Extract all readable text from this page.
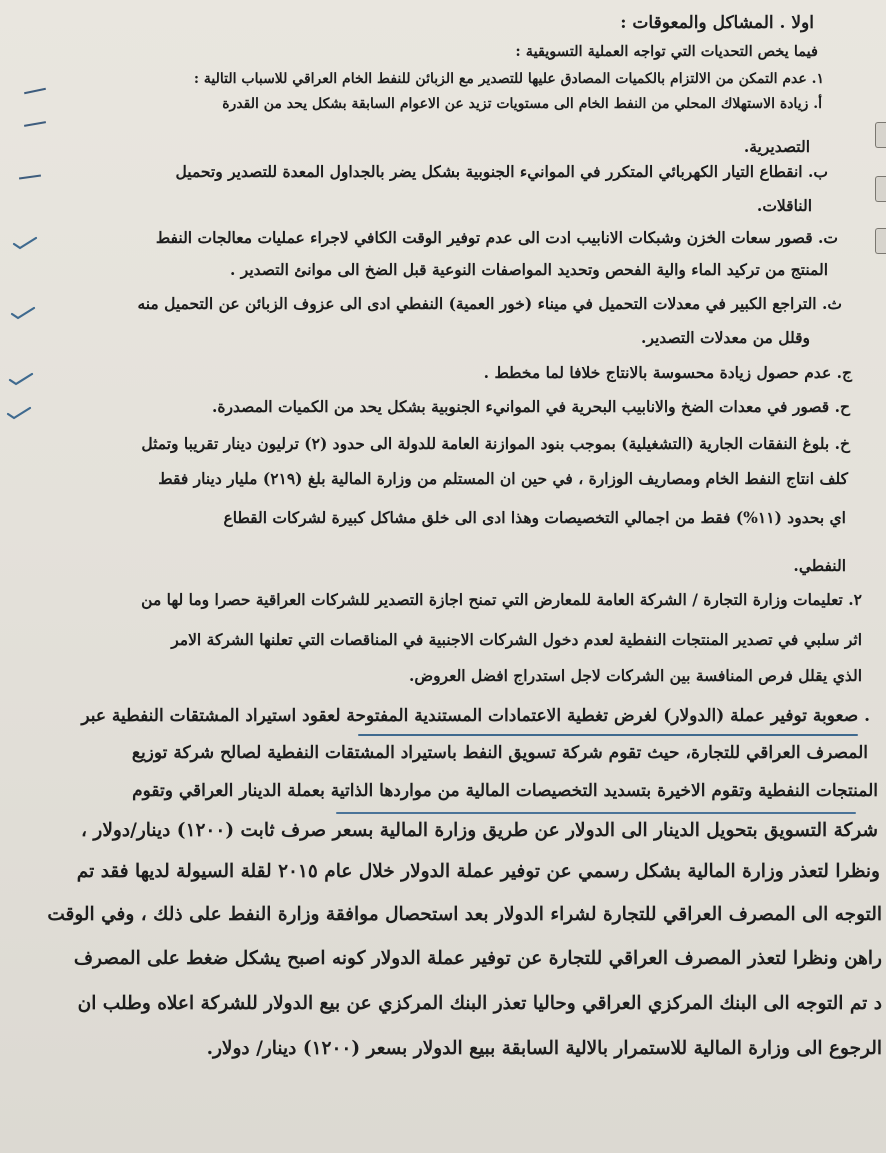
اولا . المشاكل والمعوقات :
فيما يخص التحديات التي تواجه العملية التسويقية :
١. عدم التمكن من الالتزام بالكميات المصادق عليها للتصدير مع الزبائن للنفط الخام العراقي للاسباب التالية :
أ. زيادة الاستهلاك المحلي من النفط الخام الى مستويات تزيد عن الاعوام السابقة بشكل يحد من القدرة
التصديرية.
ب. انقطاع التيار الكهربائي المتكرر في الموانيء الجنوبية بشكل يضر بالجداول المعدة للتصدير وتحميل
الناقلات.
ت. قصور سعات الخزن وشبكات الانابيب ادت الى عدم توفير الوقت الكافي لاجراء عمليات معالجات النفط
المنتج من تركيد الماء والية الفحص وتحديد المواصفات النوعية قبل الضخ الى موانئ التصدير .
ث. التراجع الكبير في معدلات التحميل في ميناء (خور العمية) النفطي ادى الى عزوف الزبائن عن التحميل منه
وقلل من معدلات التصدير.
ج. عدم حصول زيادة محسوسة بالانتاج خلافا لما مخطط .
ح. قصور في معدات الضخ والانابيب البحرية في الموانيء الجنوبية بشكل يحد من الكميات المصدرة.
خ. بلوغ النفقات الجارية (التشغيلية) بموجب بنود الموازنة العامة للدولة الى حدود (٢) ترليون دينار تقريبا وتمثل
كلف انتاج النفط الخام ومصاريف الوزارة ، في حين ان المستلم من وزارة المالية بلغ (٢١٩) مليار دينار فقط
اي بحدود (١١%) فقط من اجمالي التخصيصات وهذا ادى الى خلق مشاكل كبيرة لشركات القطاع
النفطي.
٢. تعليمات وزارة التجارة / الشركة العامة للمعارض التي تمنح اجازة التصدير للشركات العراقية حصرا وما لها من
اثر سلبي في تصدير المنتجات النفطية لعدم دخول الشركات الاجنبية في المناقصات التي تعلنها الشركة الامر
الذي يقلل فرص المنافسة بين الشركات لاجل استدراج افضل العروض.
. صعوبة توفير عملة (الدولار) لغرض تغطية الاعتمادات المستندية المفتوحة لعقود استيراد المشتقات النفطية عبر
المصرف العراقي للتجارة، حيث تقوم شركة تسويق النفط باستيراد المشتقات النفطية لصالح شركة توزيع
المنتجات النفطية وتقوم الاخيرة بتسديد التخصيصات المالية من مواردها الذاتية بعملة الدينار العراقي وتقوم
شركة التسويق بتحويل الدينار الى الدولار عن طريق وزارة المالية بسعر صرف ثابت (١٢٠٠) دينار/دولار ،
ونظرا لتعذر وزارة المالية بشكل رسمي عن توفير عملة الدولار خلال عام ٢٠١٥ لقلة السيولة لديها فقد تم
التوجه الى المصرف العراقي للتجارة لشراء الدولار بعد استحصال موافقة وزارة النفط على ذلك ، وفي الوقت
راهن ونظرا لتعذر المصرف العراقي للتجارة عن توفير عملة الدولار كونه اصبح يشكل ضغط على المصرف
د تم التوجه الى البنك المركزي العراقي وحاليا تعذر البنك المركزي عن بيع الدولار للشركة اعلاه وطلب ان
الرجوع الى وزارة المالية للاستمرار بالالية السابقة ببيع الدولار بسعر (١٢٠٠) دينار/ دولار.
